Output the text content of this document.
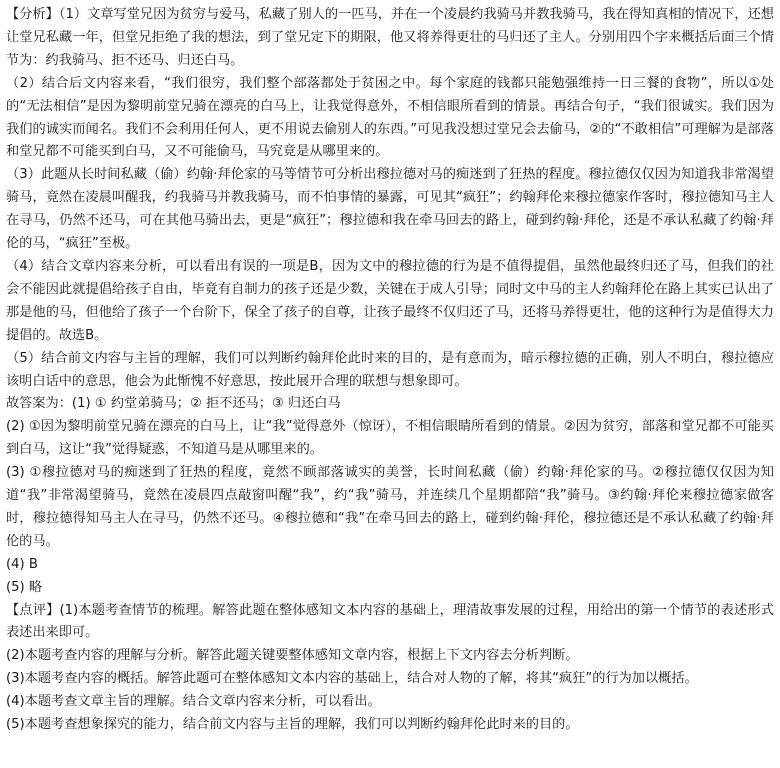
【分析】（1）文章写堂兄因为贫穷与爱马，私藏了别人的一匹马，并在一个凌晨约我骑马并教我骑马，我在得知真相的情况下，还想让堂兄私藏一年，但堂兄拒绝了我的想法，到了堂兄定下的期限，他又将养得更壮的马归还了主人。分别用四个字来概括后面三个情节为：约我骑马、拒不还马、归还白马。

（2）结合后文内容来看，“我们很穷，我们整个部落都处于贫困之中。每个家庭的钱都只能勉强维持一日三餐的食物”，所以①处的“无法相信”是因为黎明前堂兄骑在漂亮的白马上，让我觉得意外，不相信眼所看到的情景。再结合句子，“我们很诚实。我们因为我们的诚实而闻名。我们不会利用任何人，更不用说去偷别人的东西。”可见我没想过堂兄会去偷马，②的“不敢相信”可理解为是部落和堂兄都不可能买到白马，又不可能偷马，马究竟是从哪里来的。

（3）此题从长时间私藏（偷）约翰·拜伦家的马等情节可分析出穆拉德对马的痴迷到了狂热的程度。穆拉德仅仅因为知道我非常渴望骑马，竟然在凌晨叫醒我，约我骑马并教我骑马，而不怕事情的暴露，可见其“疯狂”；约翰拜伦来穆拉德家作客时，穆拉德知马主人在寻马，仍然不还马，可在其他马骑出去，更是“疯狂”；穆拉德和我在牵马回去的路上，碰到约翰·拜伦，还是不承认私藏了约翰·拜伦的马，“疯狂”至极。

（4）结合文章内容来分析，可以看出有误的一项是B，因为文中的穆拉德的行为是不值得提倡，虽然他最终归还了马，但我们的社会不能因此就提倡给孩子自由，毕竟有自制力的孩子还是少数，关键在于成人引导；同时文中马的主人约翰拜伦在路上其实已认出了那是他的马，但他给了孩子一个台阶下，保全了孩子的自尊，让孩子最终不仅归还了马，还将马养得更壮，他的这种行为是值得大力提倡的。故选B。

（5）结合前文内容与主旨的理解，我们可以判断约翰拜伦此时来的目的，是有意而为，暗示穆拉德的正确，别人不明白，穆拉德应该明白话中的意思，他会为此惭愧不好意思，按此展开合理的联想与想象即可。

故答案为：(1) ① 约堂弟骑马；② 拒不还马；③ 归还白马

(2) ①因为黎明前堂兄骑在漂亮的白马上，让“我”觉得意外（惊讶），不相信眼睛所看到的情景。②因为贫穷，部落和堂兄都不可能买到白马，这让“我”觉得疑惑，不知道马是从哪里来的。

(3) ①穆拉德对马的痴迷到了狂热的程度，竟然不顾部落诚实的美誉，长时间私藏（偷）约翰·拜伦家的马。②穆拉德仅仅因为知道“我”非常渴望骑马，竟然在凌晨四点敲窗叫醒“我”，约“我”骑马，并连续几个星期都陪“我”骑马。③约翰·拜伦来穆拉德家做客时，穆拉德得知马主人在寻马，仍然不还马。④穆拉德和“我”在牵马回去的路上，碰到约翰·拜伦，穆拉德还是不承认私藏了约翰·拜伦的马。

(4) B

(5) 略

【点评】(1)本题考查情节的梳理。解答此题在整体感知文本内容的基础上，理清故事发展的过程，用给出的第一个情节的表述形式表述出来即可。

(2)本题考查内容的理解与分析。解答此题关键要整体感知文章内容，根据上下文内容去分析判断。

(3)本题考查内容的概括。解答此题可在整体感知文本内容的基础上，结合对人物的了解，将其“疯狂”的行为加以概括。

(4)本题考查文章主旨的理解。结合文章内容来分析，可以看出。

(5)本题考查想象探究的能力，结合前文内容与主旨的理解，我们可以判断约翰拜伦此时来的目的。
